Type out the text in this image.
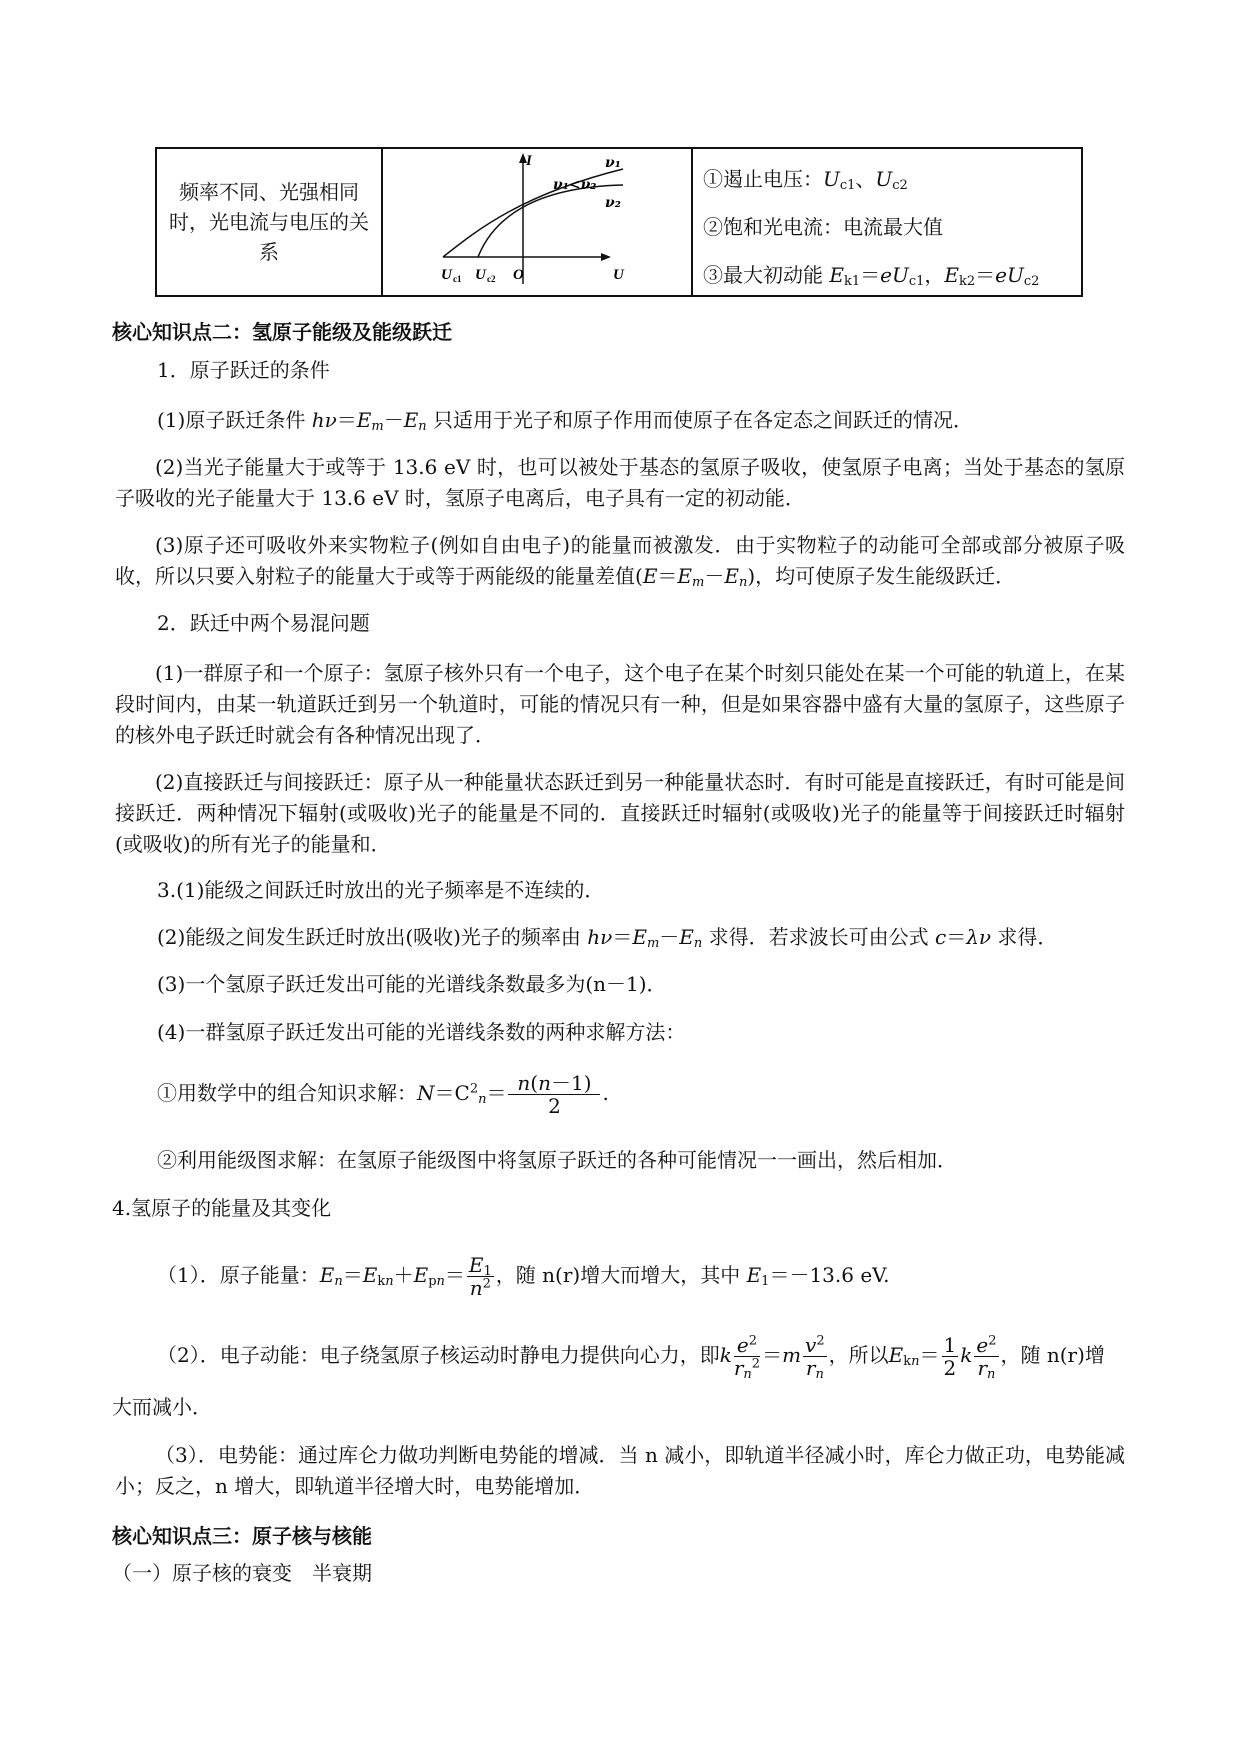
频率不同、光强相同时，光电流与电压的关系
I
U
O
U c1 U c2
ν₁
ν₂
ν₁<ν₂	①遏止电压：$U_{c1}$、$U_{c2}$
②饱和光电流：电流最大值
③最大初动能 $E_{k1}=eU_{c1}$，$E_{k2}=eU_{c2}$
核心知识点二：氢原子能级及能级跃迁
1．原子跃迁的条件
(1)原子跃迁条件 $h\nu=E_m-E_n$ 只适用于光子和原子作用而使原子在各定态之间跃迁的情况．
(2)当光子能量大于或等于 13.6 eV 时，也可以被处于基态的氢原子吸收，使氢原子电离；当处于基态的氢原子吸收的光子能量大于 13.6 eV 时，氢原子电离后，电子具有一定的初动能．
(3)原子还可吸收外来实物粒子(例如自由电子)的能量而被激发．由于实物粒子的动能可全部或部分被原子吸收，所以只要入射粒子的能量大于或等于两能级的能量差值$(E=E_m-E_n)$，均可使原子发生能级跃迁．
2．跃迁中两个易混问题
(1)一群原子和一个原子：氢原子核外只有一个电子，这个电子在某个时刻只能处在某一个可能的轨道上，在某段时间内，由某一轨道跃迁到另一个轨道时，可能的情况只有一种，但是如果容器中盛有大量的氢原子，这些原子的核外电子跃迁时就会有各种情况出现了．
(2)直接跃迁与间接跃迁：原子从一种能量状态跃迁到另一种能量状态时．有时可能是直接跃迁，有时可能是间接跃迁．两种情况下辐射(或吸收)光子的能量是不同的．直接跃迁时辐射(或吸收)光子的能量等于间接跃迁时辐射(或吸收)的所有光子的能量和．
3.(1)能级之间跃迁时放出的光子频率是不连续的．
(2)能级之间发生跃迁时放出(吸收)光子的频率由 $h\nu=E_m-E_n$ 求得．若求波长可由公式 c＝λν 求得．
(3)一个氢原子跃迁发出可能的光谱线条数最多为(n－1)．
(4)一群氢原子跃迁发出可能的光谱线条数的两种求解方法：
①用数学中的组合知识求解：$N=C^2_n= \frac{n(n-1)}{2}$ .
②利用能级图求解：在氢原子能级图中将氢原子跃迁的各种可能情况一一画出，然后相加．
4.氢原子的能量及其变化
（1）．原子能量：$E_n=E_{kn}+E_{pn}= \frac{E_1}{n^2}$ ，随 n(r)增大而增大，其中 $E_1=-13.6$ eV.
（2）．电子动能：电子绕氢原子核运动时静电力提供向心力，即k $\frac{e^2}{r_n^2} =m \frac{v^2}{r_n}$ ，所以$E_{kn}= \frac{1}{2}$ k $\frac{e^2}{r_n}$ ，随 n(r)增
大而减小．
（3）．电势能：通过库仑力做功判断电势能的增减．当 n 减小，即轨道半径减小时，库仑力做正功，电势能减小；反之，n 增大，即轨道半径增大时，电势能增加．
核心知识点三：原子核与核能
（一）原子核的衰变　半衰期
